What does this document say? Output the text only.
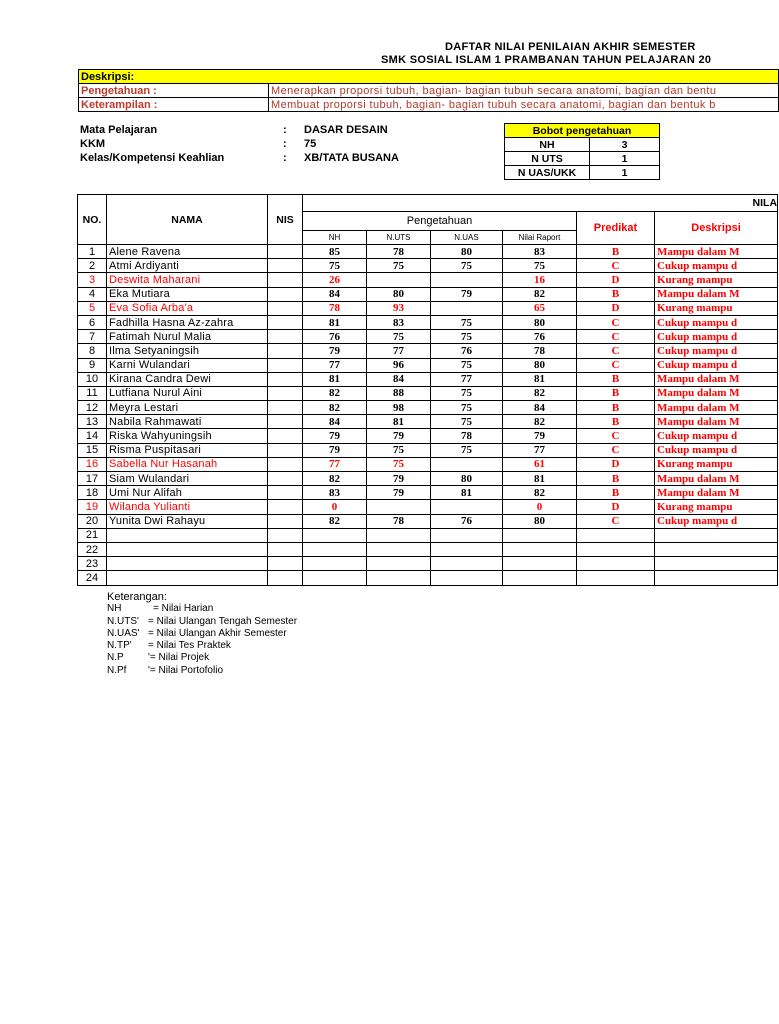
DAFTAR NILAI PENILAIAN AKHIR SEMESTER
SMK SOSIAL ISLAM 1 PRAMBANAN TAHUN PELAJARAN 20
Deskripsi:	
Pengetahuan :	Menerapkan proporsi tubuh, bagian- bagian tubuh secara anatomi, bagian dan bentu
Keterampilan :	Membuat proporsi tubuh, bagian- bagian tubuh secara anatomi, bagian dan bentuk b
Mata Pelajaran	: DASAR DESAIN
KKM	: 75
Kelas/Kompetensi Keahlian	: XB/TATA BUSANA
Bobot pengetahuan	
NH	3
N UTS	1
N UAS/UKK	1
NO.	NAMA	NIS	NILA					
			Pengetahuan				Predikat	Deskripsi
			NH	N.UTS	N.UAS	Nilai Raport		
1	Alene Ravena		85	78	80	83	B	Mampu dalam M
2	Atmi Ardiyanti		75	75	75	75	C	Cukup mampu d
3	Deswita Maharani		26			16	D	Kurang mampu
4	Eka Mutiara		84	80	79	82	B	Mampu dalam M
5	Eva Sofia Arba'a		78	93		65	D	Kurang mampu
6	Fadhilla Hasna Az-zahra		81	83	75	80	C	Cukup mampu d
7	Fatimah Nurul Malia		76	75	75	76	C	Cukup mampu d
8	Ilma Setyaningsih		79	77	76	78	C	Cukup mampu d
9	Karni Wulandari		77	96	75	80	C	Cukup mampu d
10	Kirana Candra Dewi		81	84	77	81	B	Mampu dalam M
11	Lutfiana Nurul Aini		82	88	75	82	B	Mampu dalam M
12	Meyra Lestari		82	98	75	84	B	Mampu dalam M
13	Nabila Rahmawati		84	81	75	82	B	Mampu dalam M
14	Riska Wahyuningsih		79	79	78	79	C	Cukup mampu d
15	Risma Puspitasari		79	75	75	77	C	Cukup mampu d
16	Sabella Nur Hasanah		77	75		61	D	Kurang mampu
17	Siam Wulandari		82	79	80	81	B	Mampu dalam M
18	Umi Nur Alifah		83	79	81	82	B	Mampu dalam M
19	Wilanda Yulianti		0			0	D	Kurang mampu
20	Yunita Dwi Rahayu		82	78	76	80	C	Cukup mampu d
21								
22								
23								
24								
Keterangan:
NH	= Nilai Harian
N.UTS' = Nilai Ulangan Tengah Semester
N.UAS' = Nilai Ulangan Akhir Semester
N.TP' = Nilai Tes Praktek
N.P '= Nilai Projek
N.Pf '= Nilai Portofolio
